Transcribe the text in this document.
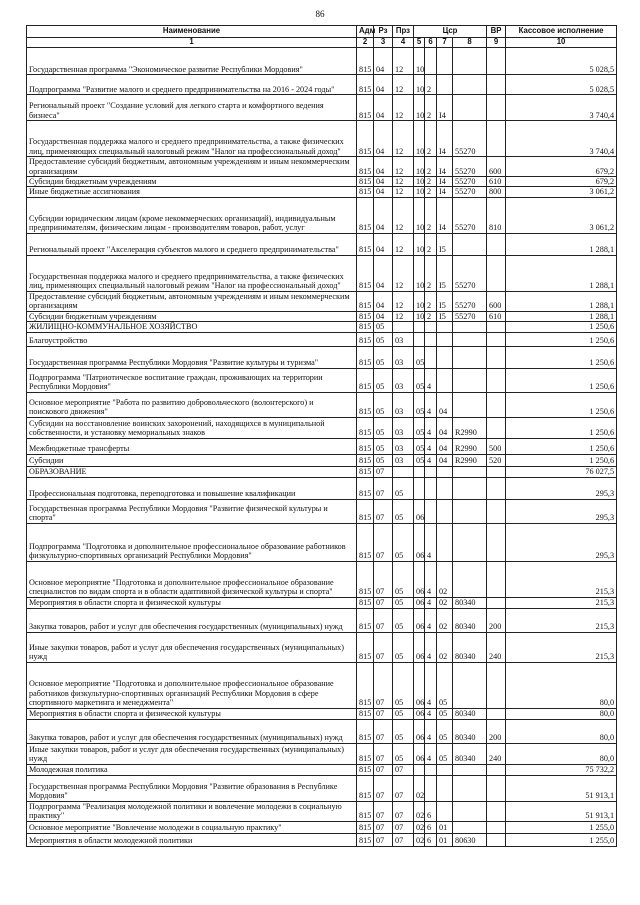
86
Наименование	Адм	Рз	Прз	Цср				ВР	Кассовое исполнение
1	2	3	4	5	6	7	8	9	10
Государственная программа "Экономическое развитие Республики Мордовия"	815	04	12	10					5 028,5
Подпрограмма "Развитие малого и среднего предпринимательства на 2016 - 2024 годы"	815	04	12	10	2				5 028,5
Региональный проект "Создание условий для легкого старта и комфортного ведения бизнеса"	815	04	12	10	2	I4			3 740,4
Государственная поддержка малого и среднего предпринимательства, а также физических лиц, применяющих специальный налоговый режим "Налог на профессиональный доход"	815	04	12	10	2	I4	55270		3 740,4
Предоставление субсидий бюджетным, автономным учреждениям и иным некоммерческим организациям	815	04	12	10	2	I4	55270	600	679,2
Субсидии бюджетным учреждениям	815	04	12	10	2	I4	55270	610	679,2
Иные бюджетные ассигнования	815	04	12	10	2	I4	55270	800	3 061,2
Субсидии юридическим лицам (кроме некоммерческих организаций), индивидуальным предпринимателям, физическим лицам - производителям товаров, работ, услуг	815	04	12	10	2	I4	55270	810	3 061,2
Региональный проект "Акселерация субъектов малого и среднего предпринимательства"	815	04	12	10	2	I5			1 288,1
Государственная поддержка малого и среднего предпринимательства, а также физических лиц, применяющих специальный налоговый режим "Налог на профессиональный доход"	815	04	12	10	2	I5	55270		1 288,1
Предоставление субсидий бюджетным, автономным учреждениям и иным некоммерческим организациям	815	04	12	10	2	I5	55270	600	1 288,1
Субсидии бюджетным учреждениям	815	04	12	10	2	I5	55270	610	1 288,1
ЖИЛИЩНО-КОММУНАЛЬНОЕ ХОЗЯЙСТВО	815	05							1 250,6
Благоустройство	815	05	03						1 250,6
Государственная программа Республики Мордовия "Развитие культуры и туризма"	815	05	03	05					1 250,6
Подпрограмма "Патриотическое воспитание граждан, проживающих на территории Республики Мордовия"	815	05	03	05	4				1 250,6
Основное мероприятие "Работа по развитию добровольческого (волонтерского) и поискового движения"	815	05	03	05	4	04			1 250,6
Субсидии на восстановление воинских захоронений, находящихся в муниципальной собственности, и установку мемориальных знаков	815	05	03	05	4	04	R2990		1 250,6
Межбюджетные трансферты	815	05	03	05	4	04	R2990	500	1 250,6
Субсидии	815	05	03	05	4	04	R2990	520	1 250,6
ОБРАЗОВАНИЕ	815	07							76 027,5
Профессиональная подготовка, переподготовка и повышение квалификации	815	07	05						295,3
Государственная программа Республики Мордовия "Развитие физической культуры и спорта"	815	07	05	06					295,3
Подпрограмма "Подготовка и дополнительное профессиональное образование работников физкультурно-спортивных организаций Республики Мордовия"	815	07	05	06	4				295,3
Основное мероприятие "Подготовка и дополнительное профессиональное образование специалистов по видам спорта и в области адаптивной физической культуры и спорта"	815	07	05	06	4	02			215,3
Мероприятия в области спорта и физической культуры	815	07	05	06	4	02	80340		215,3
Закупка товаров, работ и услуг для обеспечения государственных (муниципальных) нужд	815	07	05	06	4	02	80340	200	215,3
Иные закупки товаров, работ и услуг для обеспечения государственных (муниципальных) нужд	815	07	05	06	4	02	80340	240	215,3
Основное мероприятие "Подготовка и дополнительное профессиональное образование работников физкультурно-спортивных организаций Республики Мордовия в сфере спортивного маркетинга и менеджмента"	815	07	05	06	4	05			80,0
Мероприятия в области спорта и физической культуры	815	07	05	06	4	05	80340		80,0
Закупка товаров, работ и услуг для обеспечения государственных (муниципальных) нужд	815	07	05	06	4	05	80340	200	80,0
Иные закупки товаров, работ и услуг для обеспечения государственных (муниципальных) нужд	815	07	05	06	4	05	80340	240	80,0
Молодежная политика	815	07	07						75 732,2
Государственная программа Республики Мордовия "Развитие образования в Республике Мордовия"	815	07	07	02					51 913,1
Подпрограмма "Реализация молодежной политики и вовлечение молодежи в социальную практику"	815	07	07	02	6				51 913,1
Основное мероприятие "Вовлечение молодежи в социальную практику"	815	07	07	02	6	01			1 255,0
Мероприятия в области молодежной политики	815	07	07	02	6	01	80630		1 255,0
